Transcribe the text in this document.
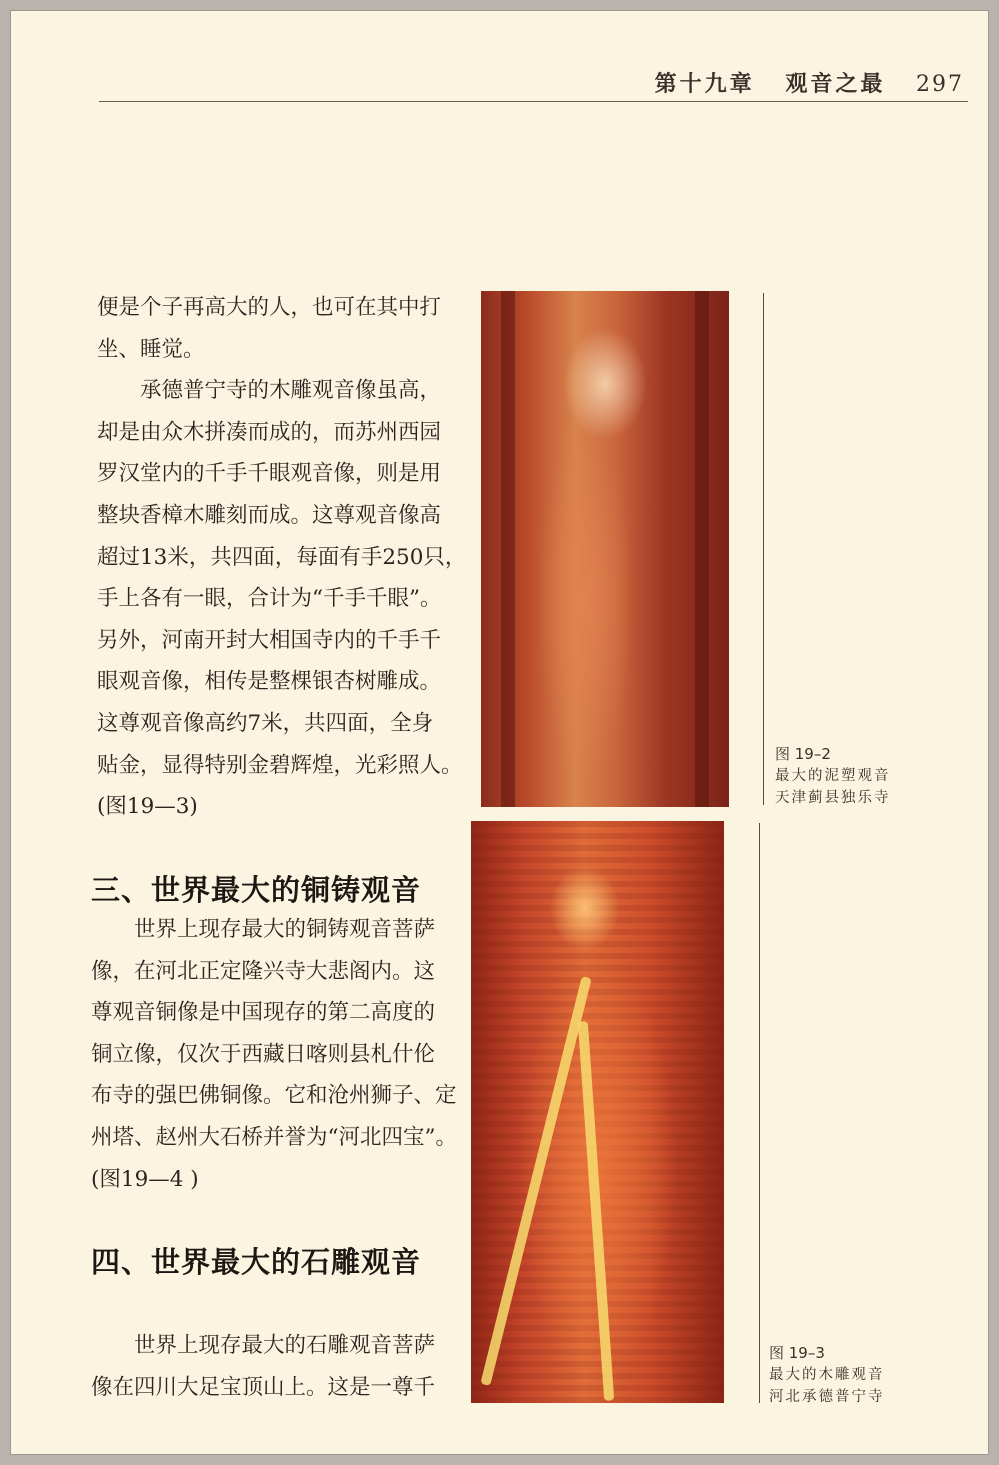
第十九章 观音之最 297

便是个子再高大的人，也可在其中打

坐、睡觉。

　　承德普宁寺的木雕观音像虽高，

却是由众木拼凑而成的，而苏州西园

罗汉堂内的千手千眼观音像，则是用

整块香樟木雕刻而成。这尊观音像高

超过13米，共四面，每面有手250只，

手上各有一眼，合计为“千手千眼”。

另外，河南开封大相国寺内的千手千

眼观音像，相传是整棵银杏树雕成。

这尊观音像高约7米，共四面，全身

贴金，显得特别金碧辉煌，光彩照人。

(图19—3)

三、世界最大的铜铸观音

　　世界上现存最大的铜铸观音菩萨

像，在河北正定隆兴寺大悲阁内。这

尊观音铜像是中国现存的第二高度的

铜立像，仅次于西藏日喀则县札什伦

布寺的强巴佛铜像。它和沧州狮子、定

州塔、赵州大石桥并誉为“河北四宝”。

(图19—4 )

四、世界最大的石雕观音

　　世界上现存最大的石雕观音菩萨

像在四川大足宝顶山上。这是一尊千

图 19–2
最大的泥塑观音
天津蓟县独乐寺
图 19–3
最大的木雕观音
河北承德普宁寺
